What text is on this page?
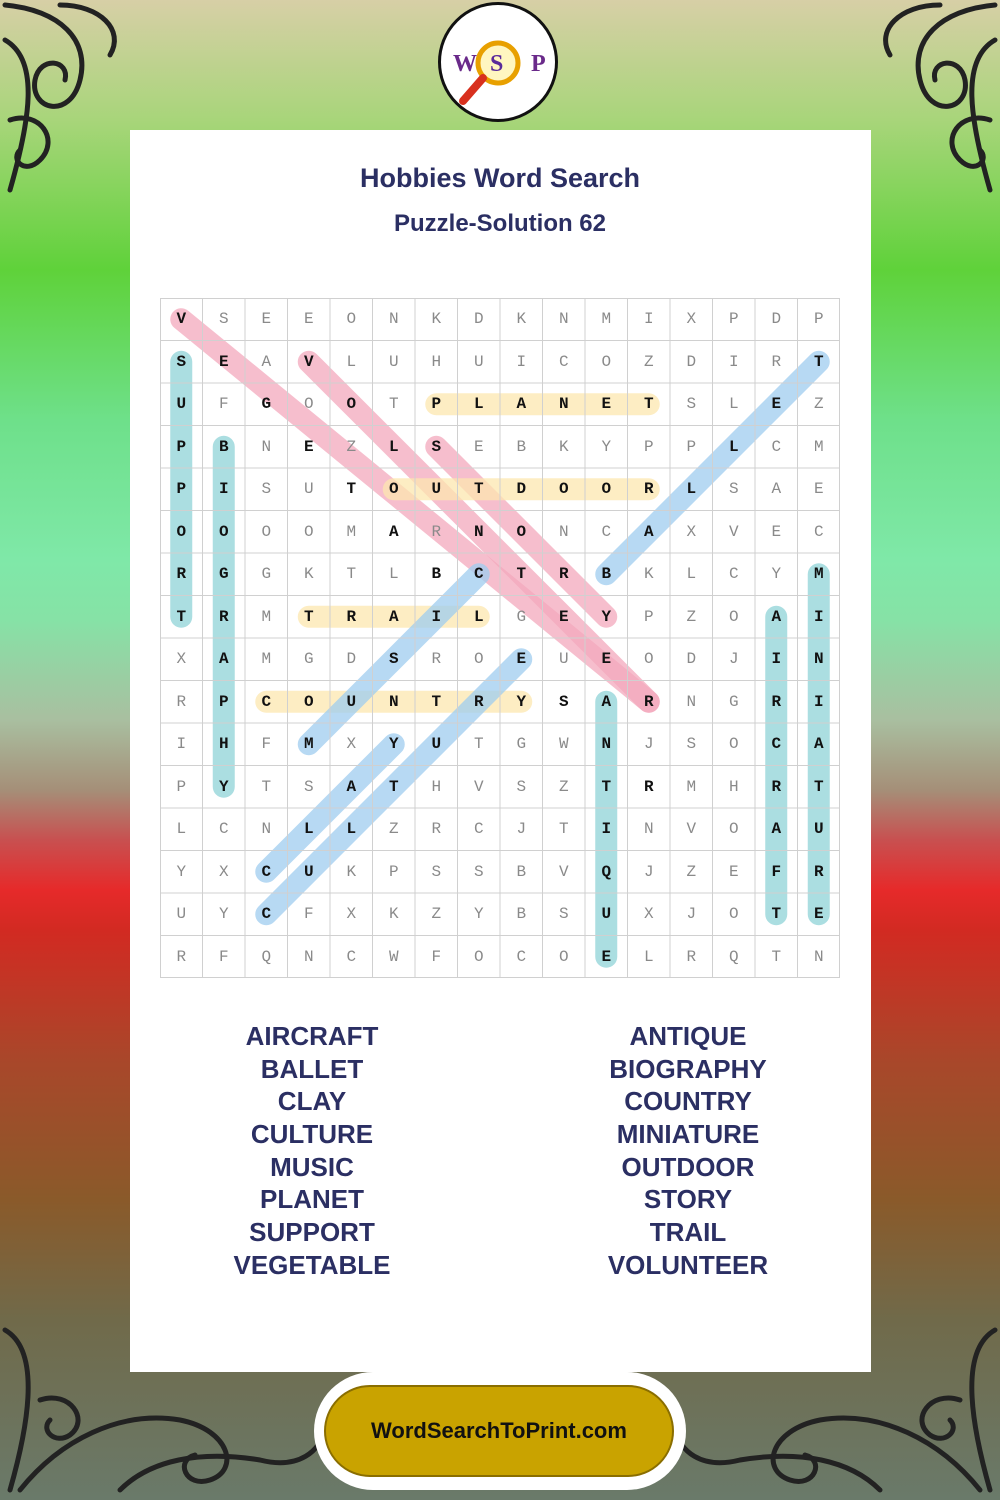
W S P
Hobbies Word Search
Puzzle-Solution 62
V	S	E	E	O	N	K	D	K	N	M	I	X	P	D	P
S	E	A	V	L	U	H	U	I	C	O	Z	D	I	R	T
U	F	G	O	O	T	P	L	A	N	E	T	S	L	E	Z
P	B	N	E	Z	L	S	E	B	K	Y	P	P	L	C	M
P	I	S	U	T	O	U	T	D	O	O	R	L	S	A	E
O	O	O	O	M	A	R	N	O	N	C	A	X	V	E	C
R	G	G	K	T	L	B	C	T	R	B	K	L	C	Y	M
T	R	M	T	R	A	I	L	G	E	Y	P	Z	O	A	I
X	A	M	G	D	S	R	O	E	U	E	O	D	J	I	N
R	P	C	O	U	N	T	R	Y	S	A	R	N	G	R	I
I	H	F	M	X	Y	U	T	G	W	N	J	S	O	C	A
P	Y	T	S	A	T	H	V	S	Z	T	R	M	H	R	T
L	C	N	L	L	Z	R	C	J	T	I	N	V	O	A	U
Y	X	C	U	K	P	S	S	B	V	Q	J	Z	E	F	R
U	Y	C	F	X	K	Z	Y	B	S	U	X	J	O	T	E
R	F	Q	N	C	W	F	O	C	O	E	L	R	Q	T	N
AIRCRAFT
BALLET
CLAY
CULTURE
MUSIC
PLANET
SUPPORT
VEGETABLE
ANTIQUE
BIOGRAPHY
COUNTRY
MINIATURE
OUTDOOR
STORY
TRAIL
VOLUNTEER
WordSearchToPrint.com
